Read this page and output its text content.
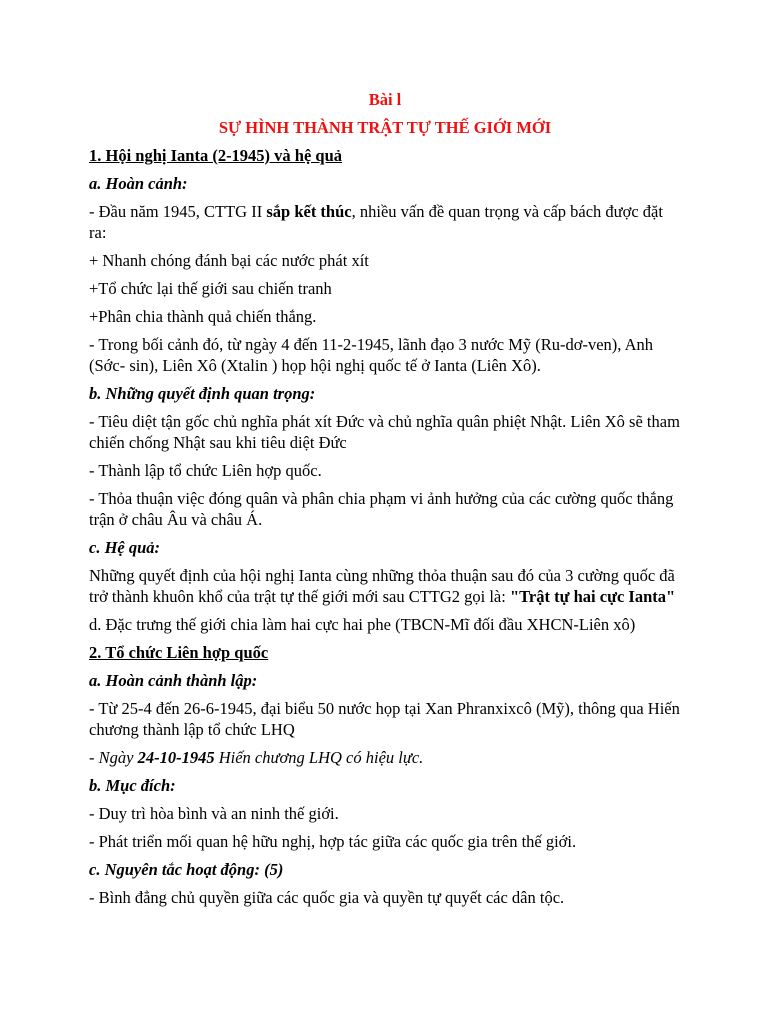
Bài l

SỰ HÌNH THÀNH TRẬT TỰ THẾ GIỚI MỚI

1. Hội nghị Ianta (2-1945) và hệ quả

a. Hoàn cảnh:

- Đầu năm 1945, CTTG II sắp kết thúc, nhiều vấn đề quan trọng và cấp bách được đặt ra:

+ Nhanh chóng đánh bại các nước phát xít

+Tổ chức lại thế giới sau chiến tranh

+Phân chia thành quả chiến thắng.

- Trong bối cảnh đó, từ ngày 4 đến 11-2-1945, lãnh đạo 3 nước Mỹ (Ru-dơ-ven), Anh (Sớc- sin), Liên Xô (Xtalin ) họp hội nghị quốc tế ở Ianta (Liên Xô).

b. Những quyết định quan trọng:

- Tiêu diệt tận gốc chủ nghĩa phát xít Đức và chủ nghĩa quân phiệt Nhật. Liên Xô sẽ tham chiến chống Nhật sau khi tiêu diệt Đức

- Thành lập tổ chức Liên hợp quốc.

- Thỏa thuận việc đóng quân và phân chia phạm vi ảnh hưởng của các cường quốc thắng trận ở châu Âu và châu Á.

c. Hệ quả:

Những quyết định của hội nghị Ianta cùng những thỏa thuận sau đó của 3 cường quốc đã trở thành khuôn khổ của trật tự thế giới mới sau CTTG2 gọi là: "Trật tự hai cực Ianta"

d. Đặc trưng thế giới chia làm hai cực hai phe (TBCN-Mĩ đối đầu XHCN-Liên xô)

2. Tổ chức Liên hợp quốc

a. Hoàn cảnh thành lập:

- Từ 25-4 đến 26-6-1945, đại biểu 50 nước họp tại Xan Phranxixcô (Mỹ), thông qua Hiến chương thành lập tổ chức LHQ

- Ngày 24-10-1945 Hiến chương LHQ có hiệu lực.

b. Mục đích:

- Duy trì hòa bình và an ninh thế giới.

- Phát triển mối quan hệ hữu nghị, hợp tác giữa các quốc gia trên thế giới.

c. Nguyên tắc hoạt động: (5)

- Bình đẳng chủ quyền giữa các quốc gia và quyền tự quyết các dân tộc.
